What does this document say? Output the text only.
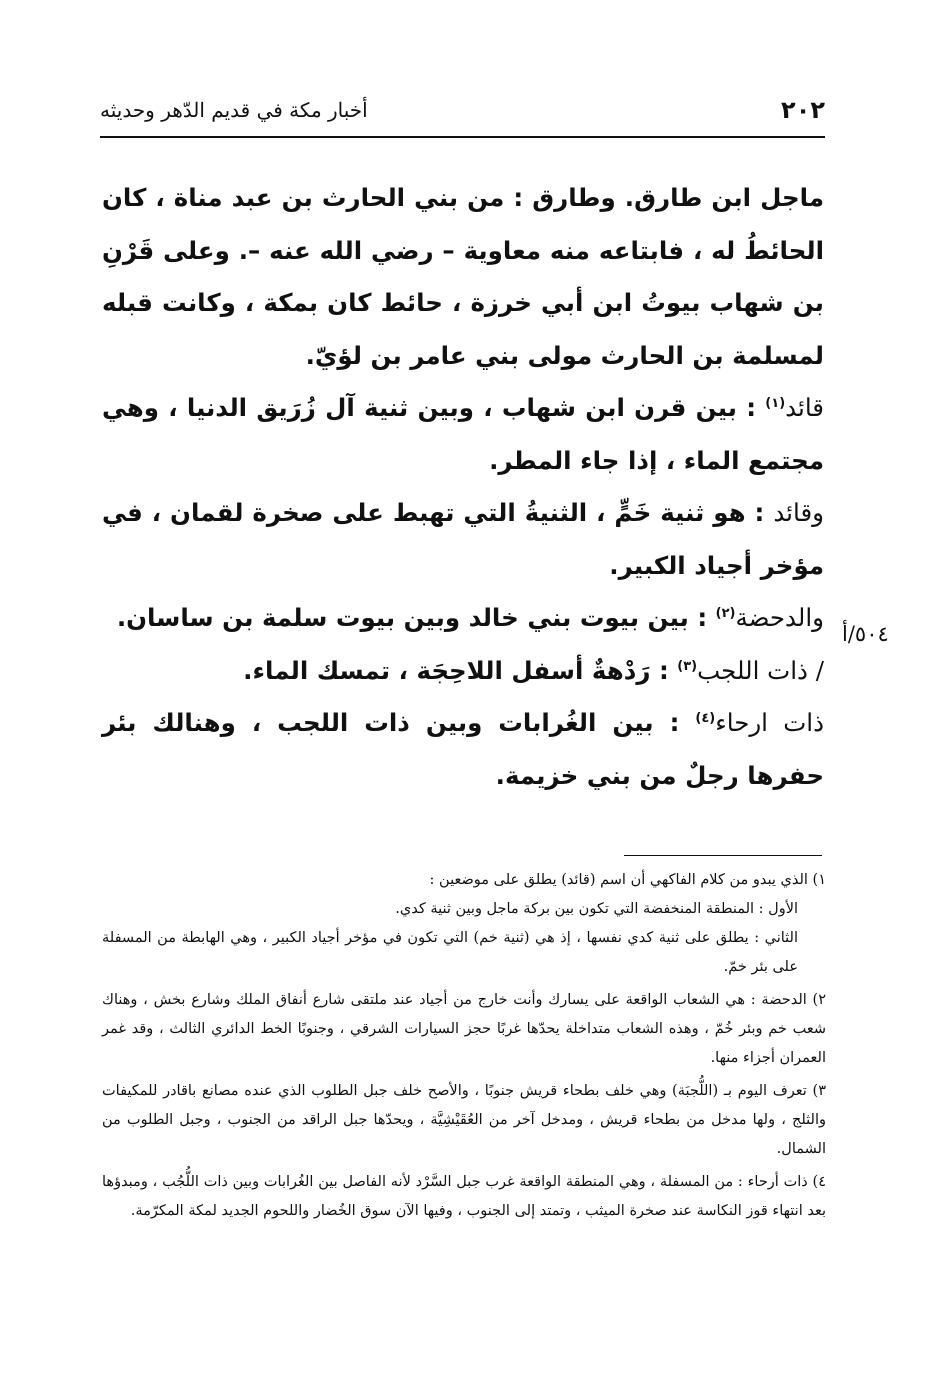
٢٠٢
أخبار مكة في قديم الدّهر وحديثه
٥٠٤/أ

ماجل ابن طارق. وطارق : من بني الحارث بن عبد مناة ، كان الحائطُ له ، فابتاعه منه معاوية – رضي الله عنه –. وعلى قَرْنِ بن شهاب بيوتُ ابن أبي خرزة ، حائط كان بمكة ، وكانت قبله لمسلمة بن الحارث مولى بني عامر بن لؤيّ.

قائد$^{(١)}$ : بين قرن ابن شهاب ، وبين ثنية آل زُرَيق الدنيا ، وهي مجتمع الماء ، إذا جاء المطر.

وقائد : هو ثنية خَمٍّ ، الثنيةُ التي تهبط على صخرة لقمان ، في مؤخر أجياد الكبير.

والدحضة$^{(٢)}$ : بين بيوت بني خالد وبين بيوت سلمة بن ساسان.

/ ذات اللجب$^{(٣)}$ : رَدْهةٌ أسفل اللاحِجَة ، تمسك الماء.

ذات ارحاء$^{(٤)}$ : بين الغُرابات وبين ذات اللجب ، وهنالك بئر حفرها رجلٌ من بني خزيمة.

١) الذي يبدو من كلام الفاكهي أن اسم (قائد) يطلق على موضعين :
الأول : المنطقة المنخفضة التي تكون بين بركة ماجل وبين ثنية كدي.
الثاني : يطلق على ثنية كدي نفسها ، إذ هي (ثنية خم) التي تكون في مؤخر أجياد الكبير ، وهي الهابطة من المسفلة على بئر خمّ.

٢) الدحضة : هي الشعاب الواقعة على يسارك وأنت خارج من أجياد عند ملتقى شارع أنفاق الملك وشارع بخش ، وهناك شعب خم وبئر خُمّ ، وهذه الشعاب متداخلة يحدّها غربًا حجز السيارات الشرقي ، وجنوبًا الخط الدائري الثالث ، وقد غمر العمران أجزاء منها.

٣) تعرف اليوم بـ (اللُّجبَة) وهي خلف بطحاء قريش جنوبًا ، والأصح خلف جبل الطلوب الذي عنده مصانع باقادر للمكيفات والثلج ، ولها مدخل من بطحاء قريش ، ومدخل آخر من العُقَيْشِيَّة ، ويحدّها جبل الراقد من الجنوب ، وجبل الطلوب من الشمال.

٤) ذات أرحاء : من المسفلة ، وهي المنطقة الواقعة غرب جبل السَّرْد لأنه الفاصل بين الغُرابات وبين ذات اللُّجُب ، ومبدؤها بعد انتهاء قوز النكاسة عند صخرة الميثب ، وتمتد إلى الجنوب ، وفيها الآن سوق الخُضار واللحوم الجديد لمكة المكرّمة.
